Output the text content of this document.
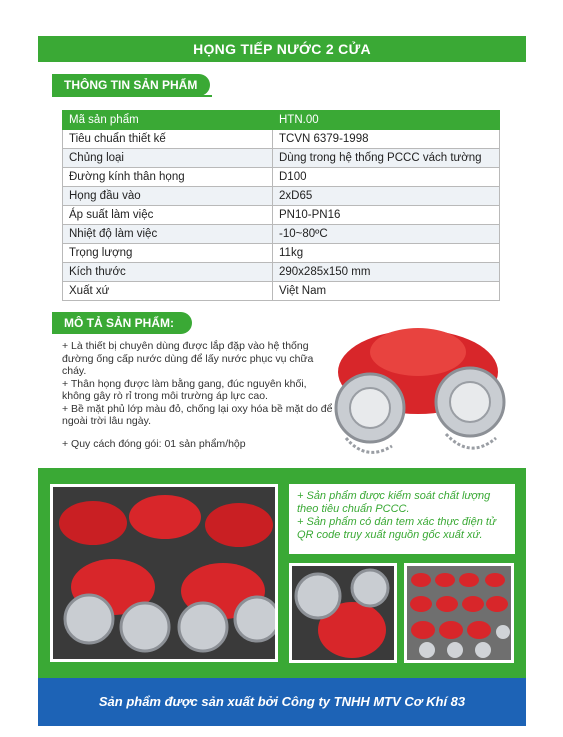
HỌNG TIẾP NƯỚC 2 CỬA
THÔNG TIN SẢN PHẨM
Mã sản phẩm	HTN.00
Tiêu chuẩn thiết kế	TCVN 6379-1998
Chủng loại	Dùng trong hệ thống PCCC vách tường
Đường kính thân họng	D100
Họng đầu vào	2xD65
Áp suất làm việc	PN10-PN16
Nhiệt độ làm việc	-10~80ºC
Trọng lượng	11kg
Kích thước	290x285x150 mm
Xuất xứ	Việt Nam
MÔ TẢ SẢN PHẨM:

+ Là thiết bị chuyên dùng được lắp đặp vào hệ thống đường ống cấp nước dùng để lấy nước phục vụ chữa cháy.

+ Thân họng được làm bằng gang, đúc nguyên khối, không gây rò rỉ trong môi trường áp lực cao.

+ Bề mặt phủ lớp màu đỏ, chống lại oxy hóa bề mặt do để ngoài trời lâu ngày.

+ Quy cách đóng gói: 01 sản phẩm/hộp

+ Sản phẩm được kiểm soát chất lượng theo tiêu chuẩn PCCC.

+ Sản phẩm có dán tem xác thực điện tử QR code truy xuất nguồn gốc xuất xứ.

Sản phẩm được sản xuất bởi Công ty TNHH MTV Cơ Khí 83
